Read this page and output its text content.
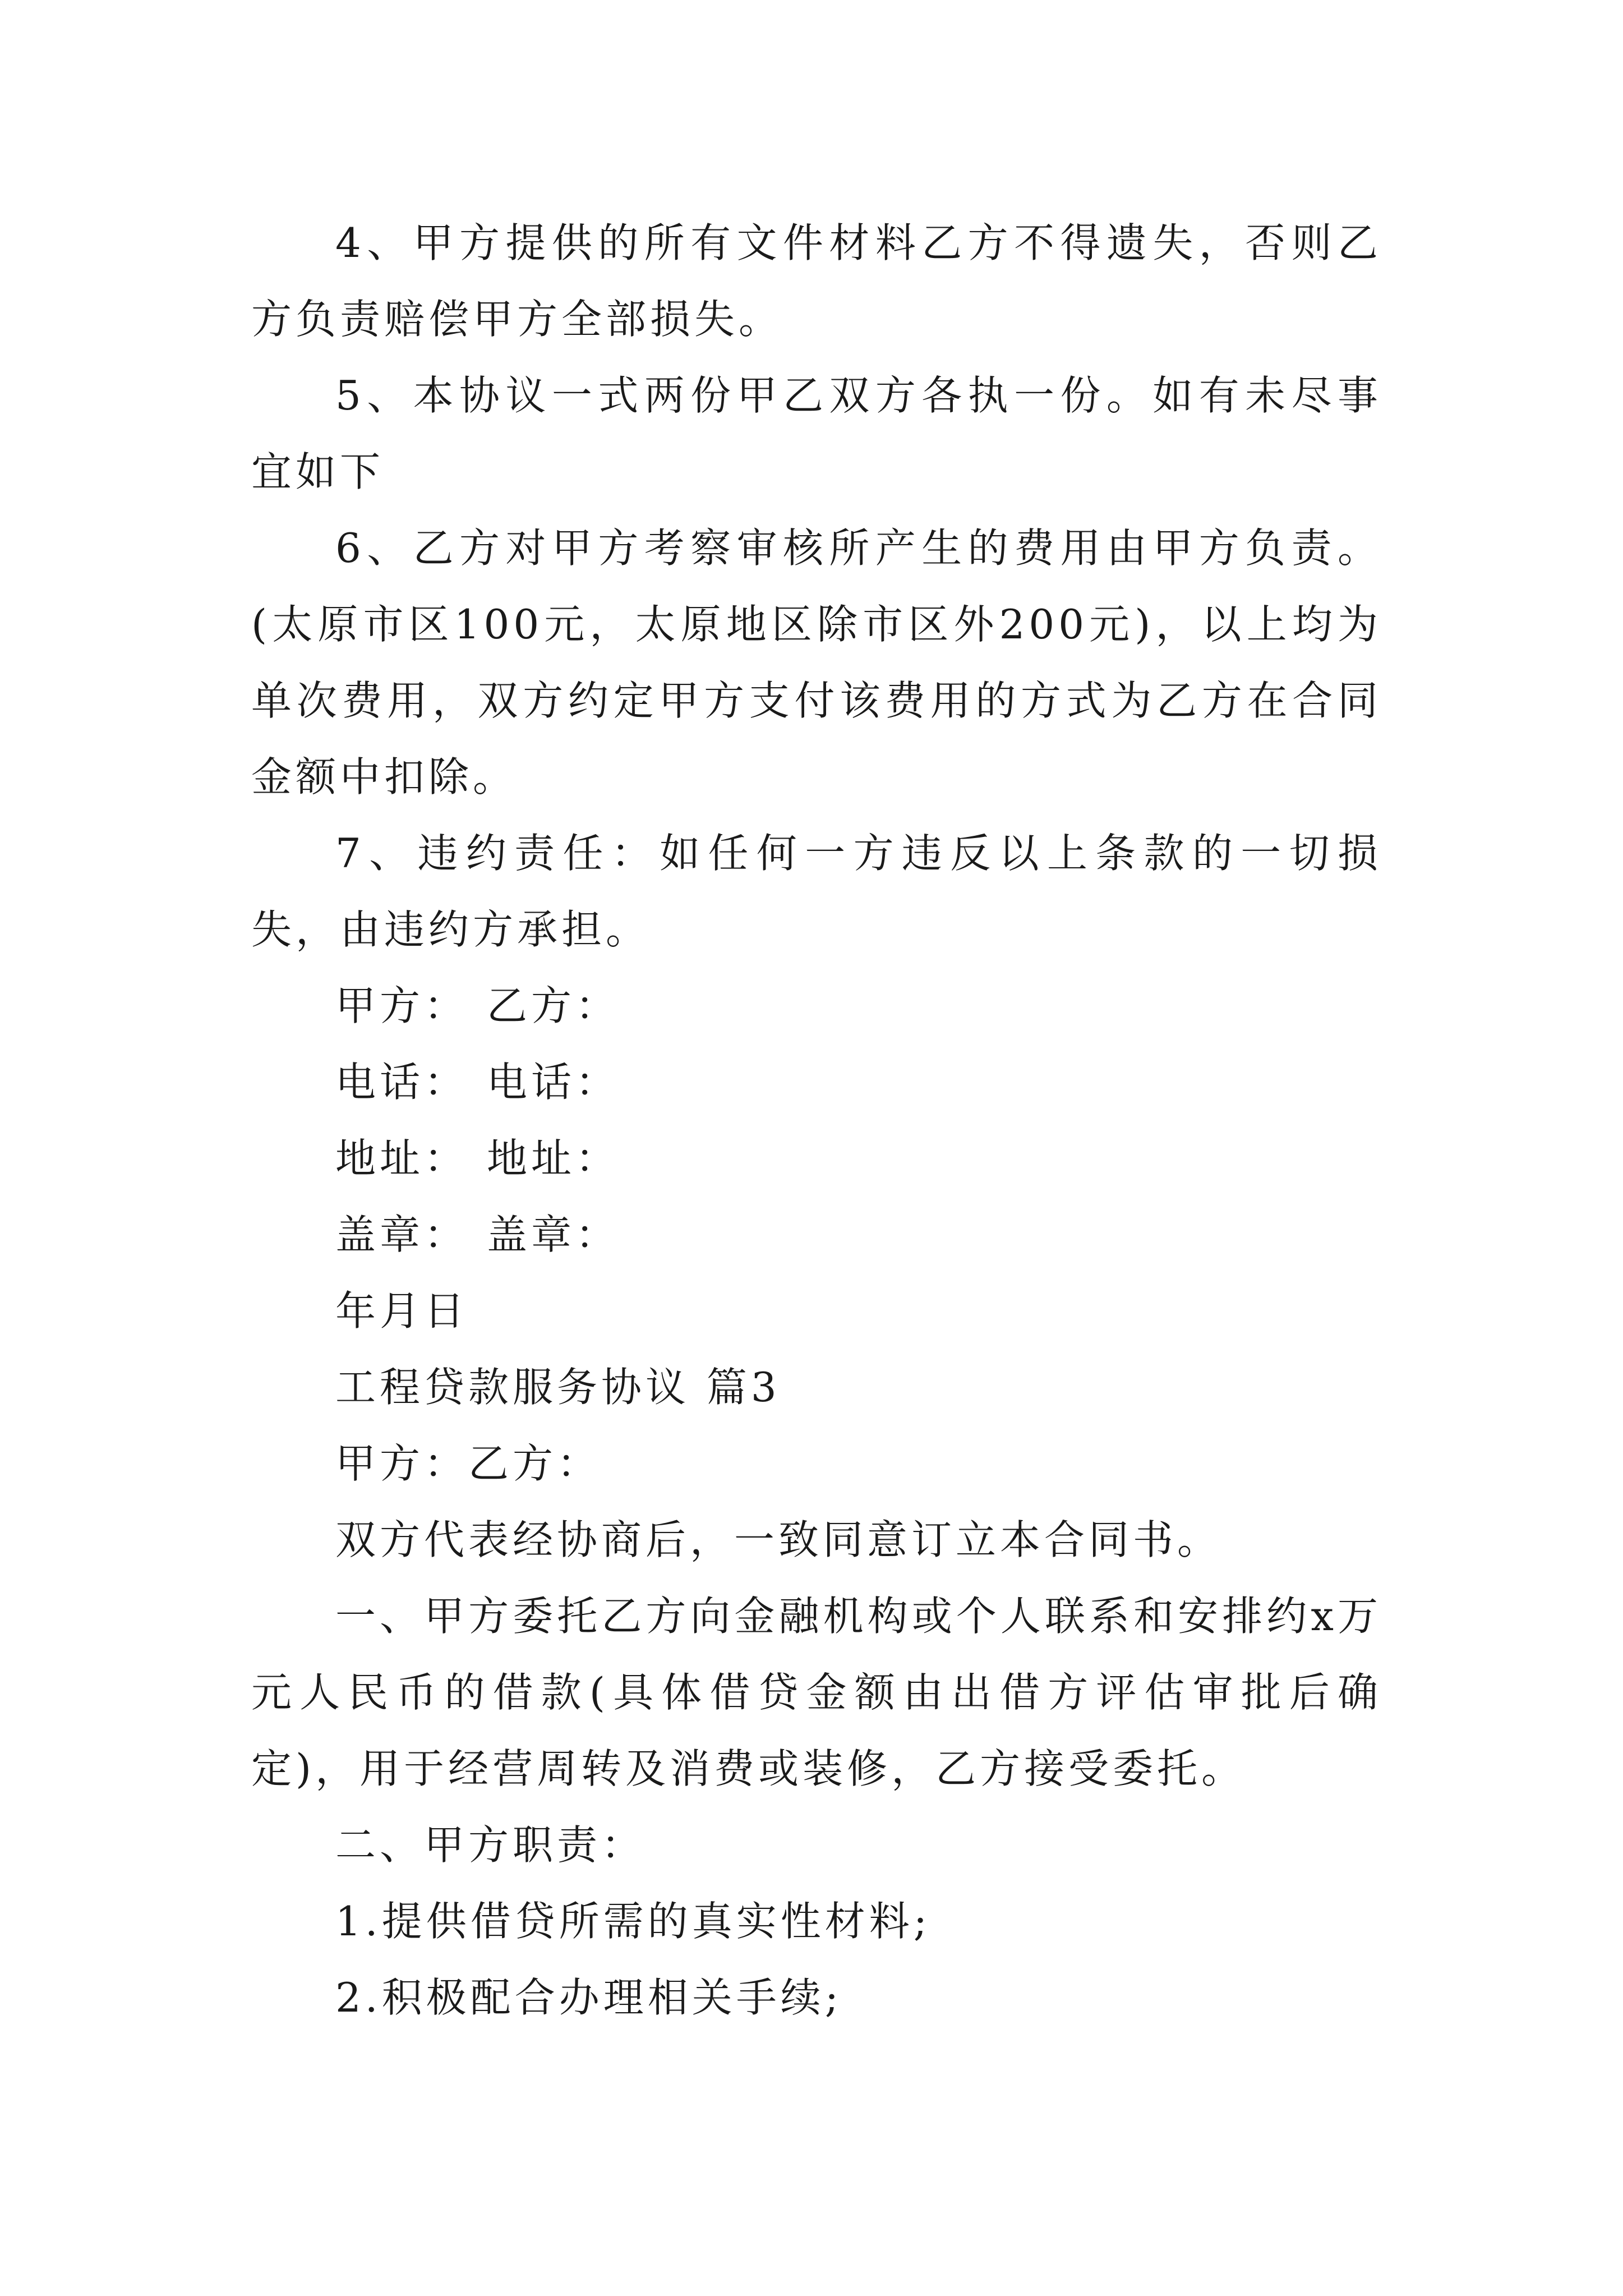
4、甲方提供的所有文件材料乙方不得遗失，否则乙方负责赔偿甲方全部损失。

5、本协议一式两份甲乙双方各执一份。如有未尽事宜如下

6、乙方对甲方考察审核所产生的费用由甲方负责。(太原市区100元，太原地区除市区外200元)，以上均为单次费用，双方约定甲方支付该费用的方式为乙方在合同金额中扣除。

7、违约责任：如任何一方违反以上条款的一切损失，由违约方承担。

甲方： 乙方：
电话： 电话：
地址： 地址：
盖章： 盖章：

年月日

工程贷款服务协议 篇3

甲方：乙方：

双方代表经协商后，一致同意订立本合同书。

一、甲方委托乙方向金融机构或个人联系和安排约x万元人民币的借款(具体借贷金额由出借方评估审批后确定)，用于经营周转及消费或装修，乙方接受委托。

二、甲方职责：

1.提供借贷所需的真实性材料;

2.积极配合办理相关手续;
